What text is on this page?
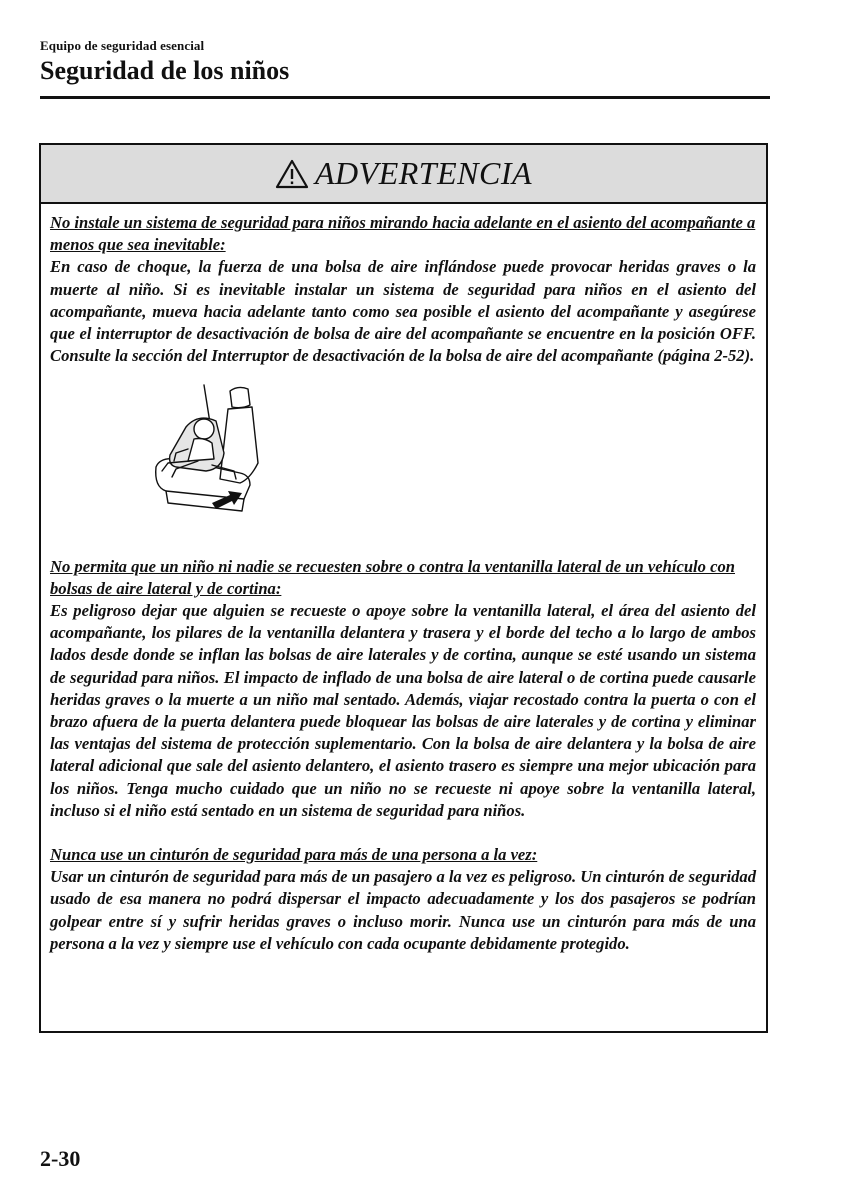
Equipo de seguridad esencial
Seguridad de los niños
ADVERTENCIA

No instale un sistema de seguridad para niños mirando hacia adelante en el asiento del acompañante a menos que sea inevitable:

En caso de choque, la fuerza de una bolsa de aire inflándose puede provocar heridas graves o la muerte al niño. Si es inevitable instalar un sistema de seguridad para niños en el asiento del acompañante, mueva hacia adelante tanto como sea posible el asiento del acompañante y asegúrese que el interruptor de desactivación de bolsa de aire del acompañante se encuentre en la posición OFF. Consulte la sección del Interruptor de desactivación de la bolsa de aire del acompañante (página 2-52).

No permita que un niño ni nadie se recuesten sobre o contra la ventanilla lateral de un vehículo con bolsas de aire lateral y de cortina:

Es peligroso dejar que alguien se recueste o apoye sobre la ventanilla lateral, el área del asiento del acompañante, los pilares de la ventanilla delantera y trasera y el borde del techo a lo largo de ambos lados desde donde se inflan las bolsas de aire laterales y de cortina, aunque se esté usando un sistema de seguridad para niños. El impacto de inflado de una bolsa de aire lateral o de cortina puede causarle heridas graves o la muerte a un niño mal sentado. Además, viajar recostado contra la puerta o con el brazo afuera de la puerta delantera puede bloquear las bolsas de aire laterales y de cortina y eliminar las ventajas del sistema de protección suplementario. Con la bolsa de aire delantera y la bolsa de aire lateral adicional que sale del asiento delantero, el asiento trasero es siempre una mejor ubicación para los niños. Tenga mucho cuidado que un niño no se recueste ni apoye sobre la ventanilla lateral, incluso si el niño está sentado en un sistema de seguridad para niños.

Nunca use un cinturón de seguridad para más de una persona a la vez:

Usar un cinturón de seguridad para más de un pasajero a la vez es peligroso. Un cinturón de seguridad usado de esa manera no podrá dispersar el impacto adecuadamente y los dos pasajeros se podrían golpear entre sí y sufrir heridas graves o incluso morir. Nunca use un cinturón para más de una persona a la vez y siempre use el vehículo con cada ocupante debidamente protegido.

2-30
